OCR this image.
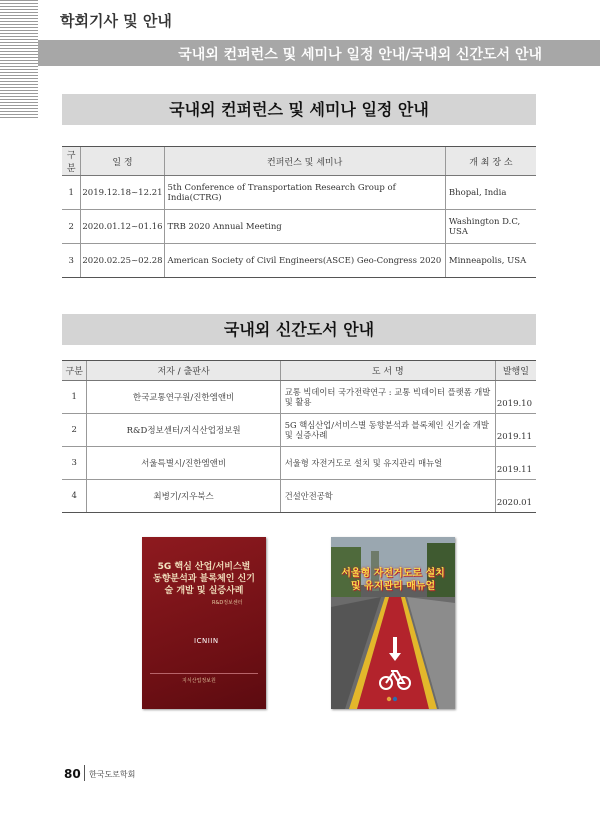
학회기사 및 안내
국내외 컨퍼런스 및 세미나 일정 안내/국내외 신간도서 안내
국내외 컨퍼런스 및 세미나 일정 안내
구분	일 정	컨퍼런스 및 세미나	개 최 장 소
1	2019.12.18~12.21	5th Conference of Transportation Research Group of India(CTRG)	Bhopal, India
2	2020.01.12~01.16	TRB 2020 Annual Meeting	Washington D.C, USA
3	2020.02.25~02.28	American Society of Civil Engineers(ASCE) Geo-Congress 2020	Minneapolis, USA
국내외 신간도서 안내
구분	저자 / 출판사	도 서 명	발행일
1	한국교통연구원/진한엠앤비	교통 빅데이터 국가전략연구 : 교통 빅데이터 플랫폼 개발 및 활용	2019.10
2	R&D정보센터/지식산업정보원	5G 핵심산업/서비스별 동향분석과 블록체인 신기술 개발 및 실증사례	2019.11
3	서울특별시/진한엠앤비	서울형 자전거도로 설치 및 유지관리 매뉴얼	2019.11
4	최병기/지우북스	건설안전공학	2020.01
5G 핵심 산업/서비스별 동향분석과 블록체인 신기술 개발 및 실증사례
R&D정보센터
ICNIIN
지식산업정보원
서울형 자전거도로 설치 및 유지관리 매뉴얼
80 한국도로학회
